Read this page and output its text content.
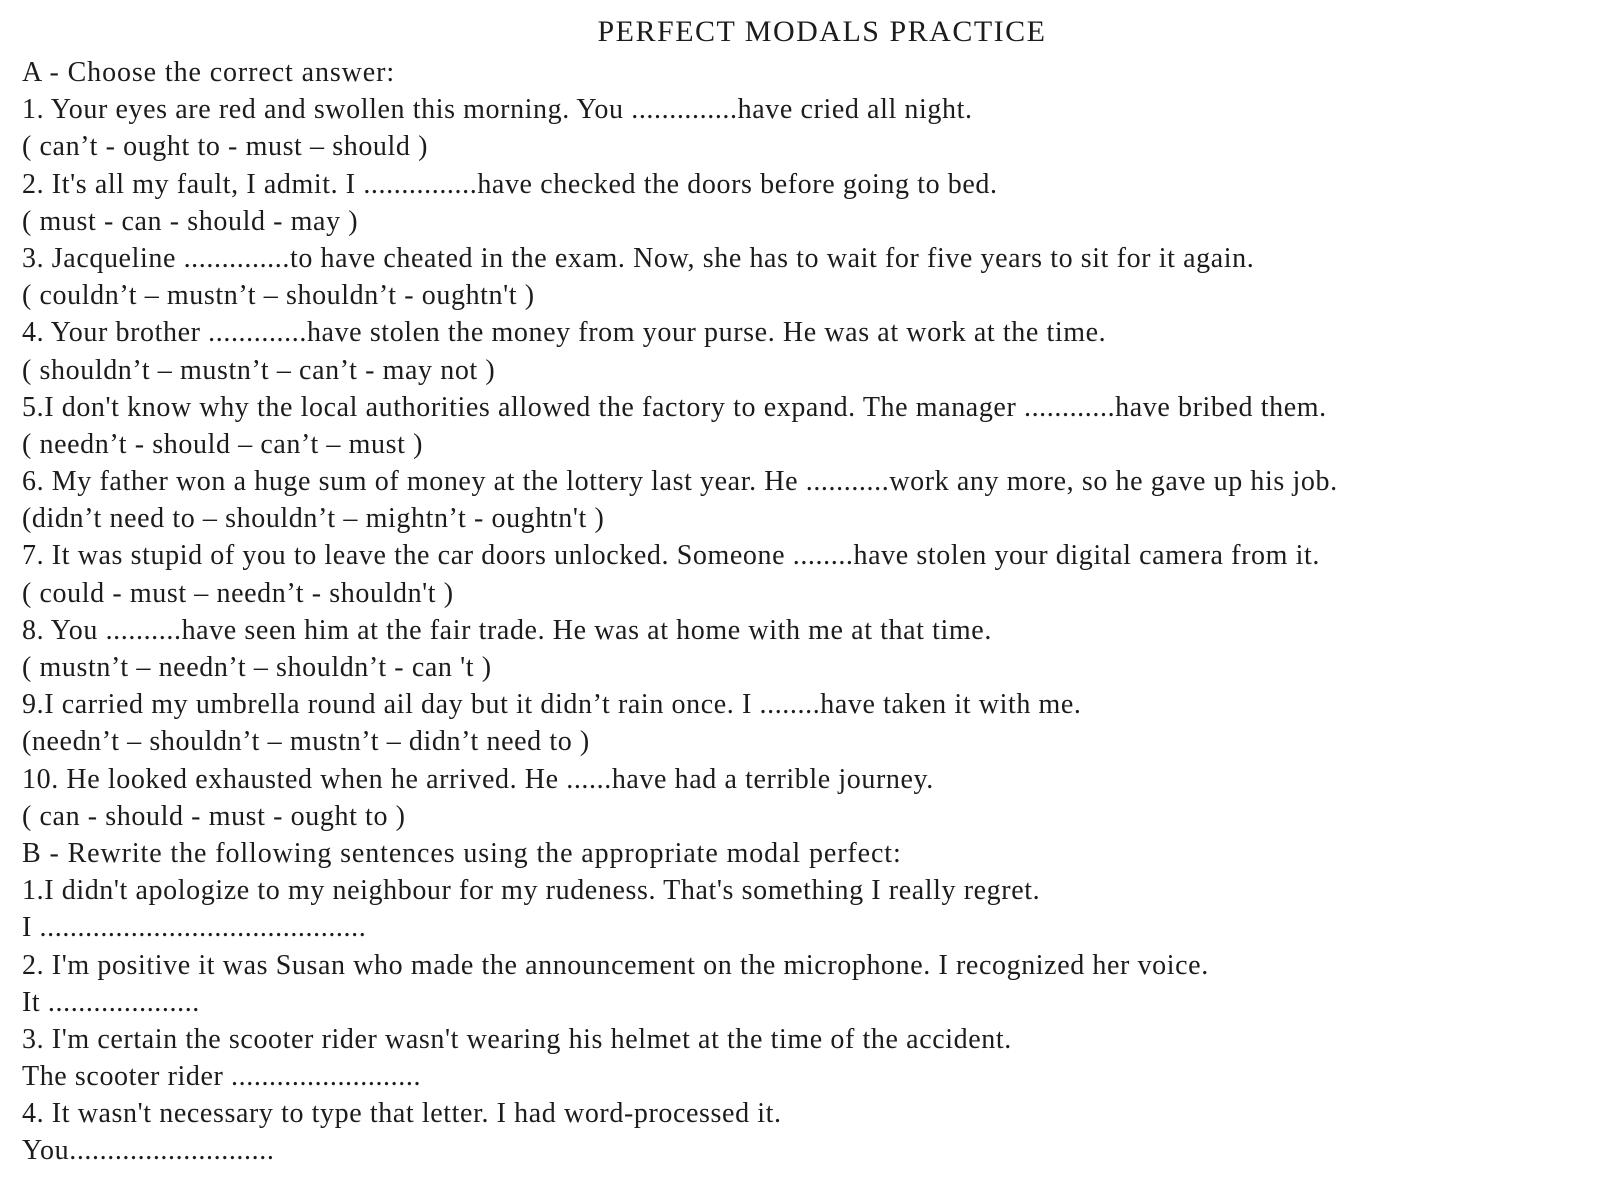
PERFECT MODALS PRACTICE
A - Choose the correct answer:
1. Your eyes are red and swollen this morning. You ..............have cried all night.
( can’t - ought to - must – should )
2. It's all my fault, I admit. I ...............have checked the doors before going to bed.
( must - can - should - may )
3. Jacqueline ..............to have cheated in the exam. Now, she has to wait for five years to sit for it again.
( couldn’t – mustn’t – shouldn’t - oughtn't )
4. Your brother .............have stolen the money from your purse. He was at work at the time.
( shouldn’t – mustn’t – can’t - may not )
5.I don't know why the local authorities allowed the factory to expand. The manager ............have bribed them.
( needn’t - should – can’t – must )
6. My father won a huge sum of money at the lottery last year. He ...........work any more, so he gave up his job.
(didn’t need to – shouldn’t – mightn’t - oughtn't )
7. It was stupid of you to leave the car doors unlocked. Someone ........have stolen your digital camera from it.
( could - must – needn’t - shouldn't )
8. You ..........have seen him at the fair trade. He was at home with me at that time.
( mustn’t – needn’t – shouldn’t - can 't )
9.I carried my umbrella round ail day but it didn’t rain once. I ........have taken it with me.
(needn’t – shouldn’t – mustn’t – didn’t need to )
10. He looked exhausted when he arrived. He ......have had a terrible journey.
( can - should - must - ought to )
B - Rewrite the following sentences using the appropriate modal perfect:
1.I didn't apologize to my neighbour for my rudeness. That's something I really regret.
I ...........................................
2. I'm positive it was Susan who made the announcement on the microphone. I recognized her voice.
It ....................
3. I'm certain the scooter rider wasn't wearing his helmet at the time of the accident.
The scooter rider .........................
4. It wasn't necessary to type that letter. I had word-processed it.
You...........................
